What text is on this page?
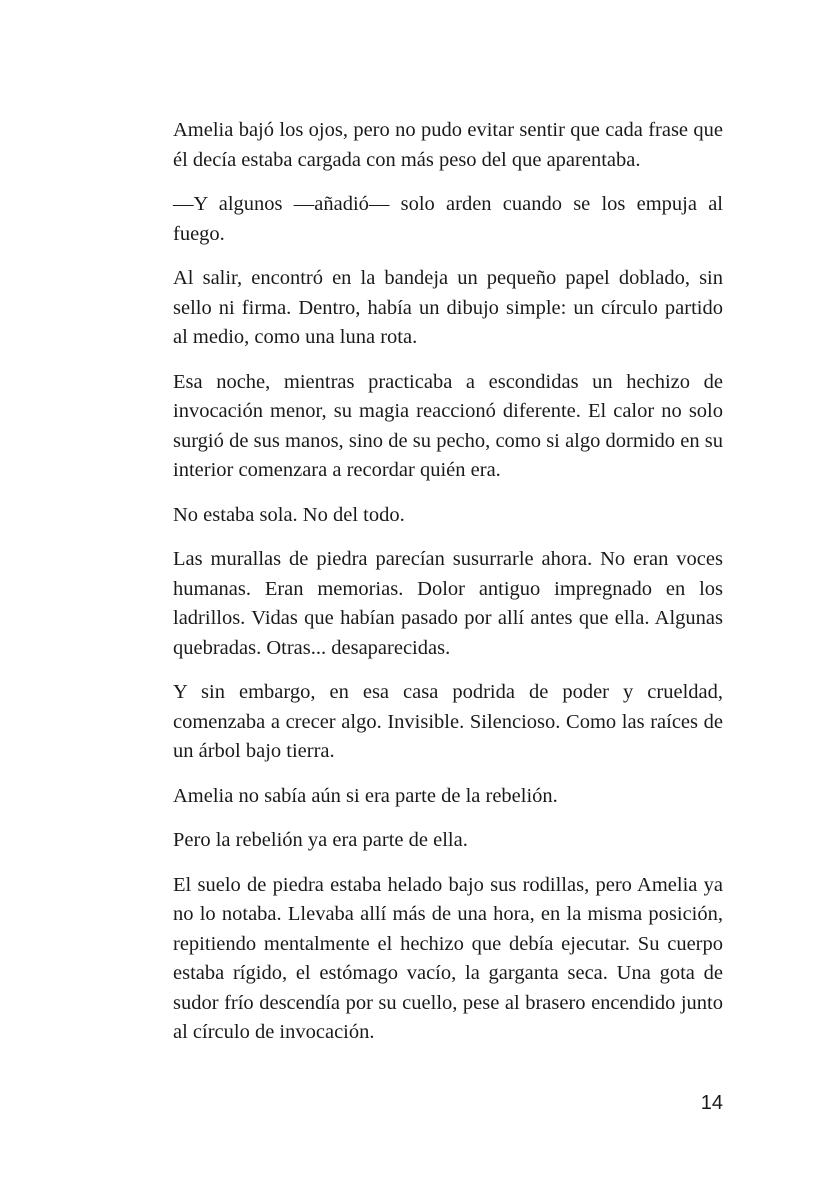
Amelia bajó los ojos, pero no pudo evitar sentir que cada frase que él decía estaba cargada con más peso del que aparentaba.

—Y algunos —añadió— solo arden cuando se los empuja al fuego.

Al salir, encontró en la bandeja un pequeño papel doblado, sin sello ni firma. Dentro, había un dibujo simple: un círculo partido al medio, como una luna rota.

Esa noche, mientras practicaba a escondidas un hechizo de invocación menor, su magia reaccionó diferente. El calor no solo surgió de sus manos, sino de su pecho, como si algo dormido en su interior comenzara a recordar quién era.

No estaba sola. No del todo.

Las murallas de piedra parecían susurrarle ahora. No eran voces humanas. Eran memorias. Dolor antiguo impregnado en los ladrillos. Vidas que habían pasado por allí antes que ella. Algunas quebradas. Otras... desaparecidas.

Y sin embargo, en esa casa podrida de poder y crueldad, comenzaba a crecer algo. Invisible. Silencioso. Como las raíces de un árbol bajo tierra.

Amelia no sabía aún si era parte de la rebelión.

Pero la rebelión ya era parte de ella.

El suelo de piedra estaba helado bajo sus rodillas, pero Amelia ya no lo notaba. Llevaba allí más de una hora, en la misma posición, repitiendo mentalmente el hechizo que debía ejecutar. Su cuerpo estaba rígido, el estómago vacío, la garganta seca. Una gota de sudor frío descendía por su cuello, pese al brasero encendido junto al círculo de invocación.

14
